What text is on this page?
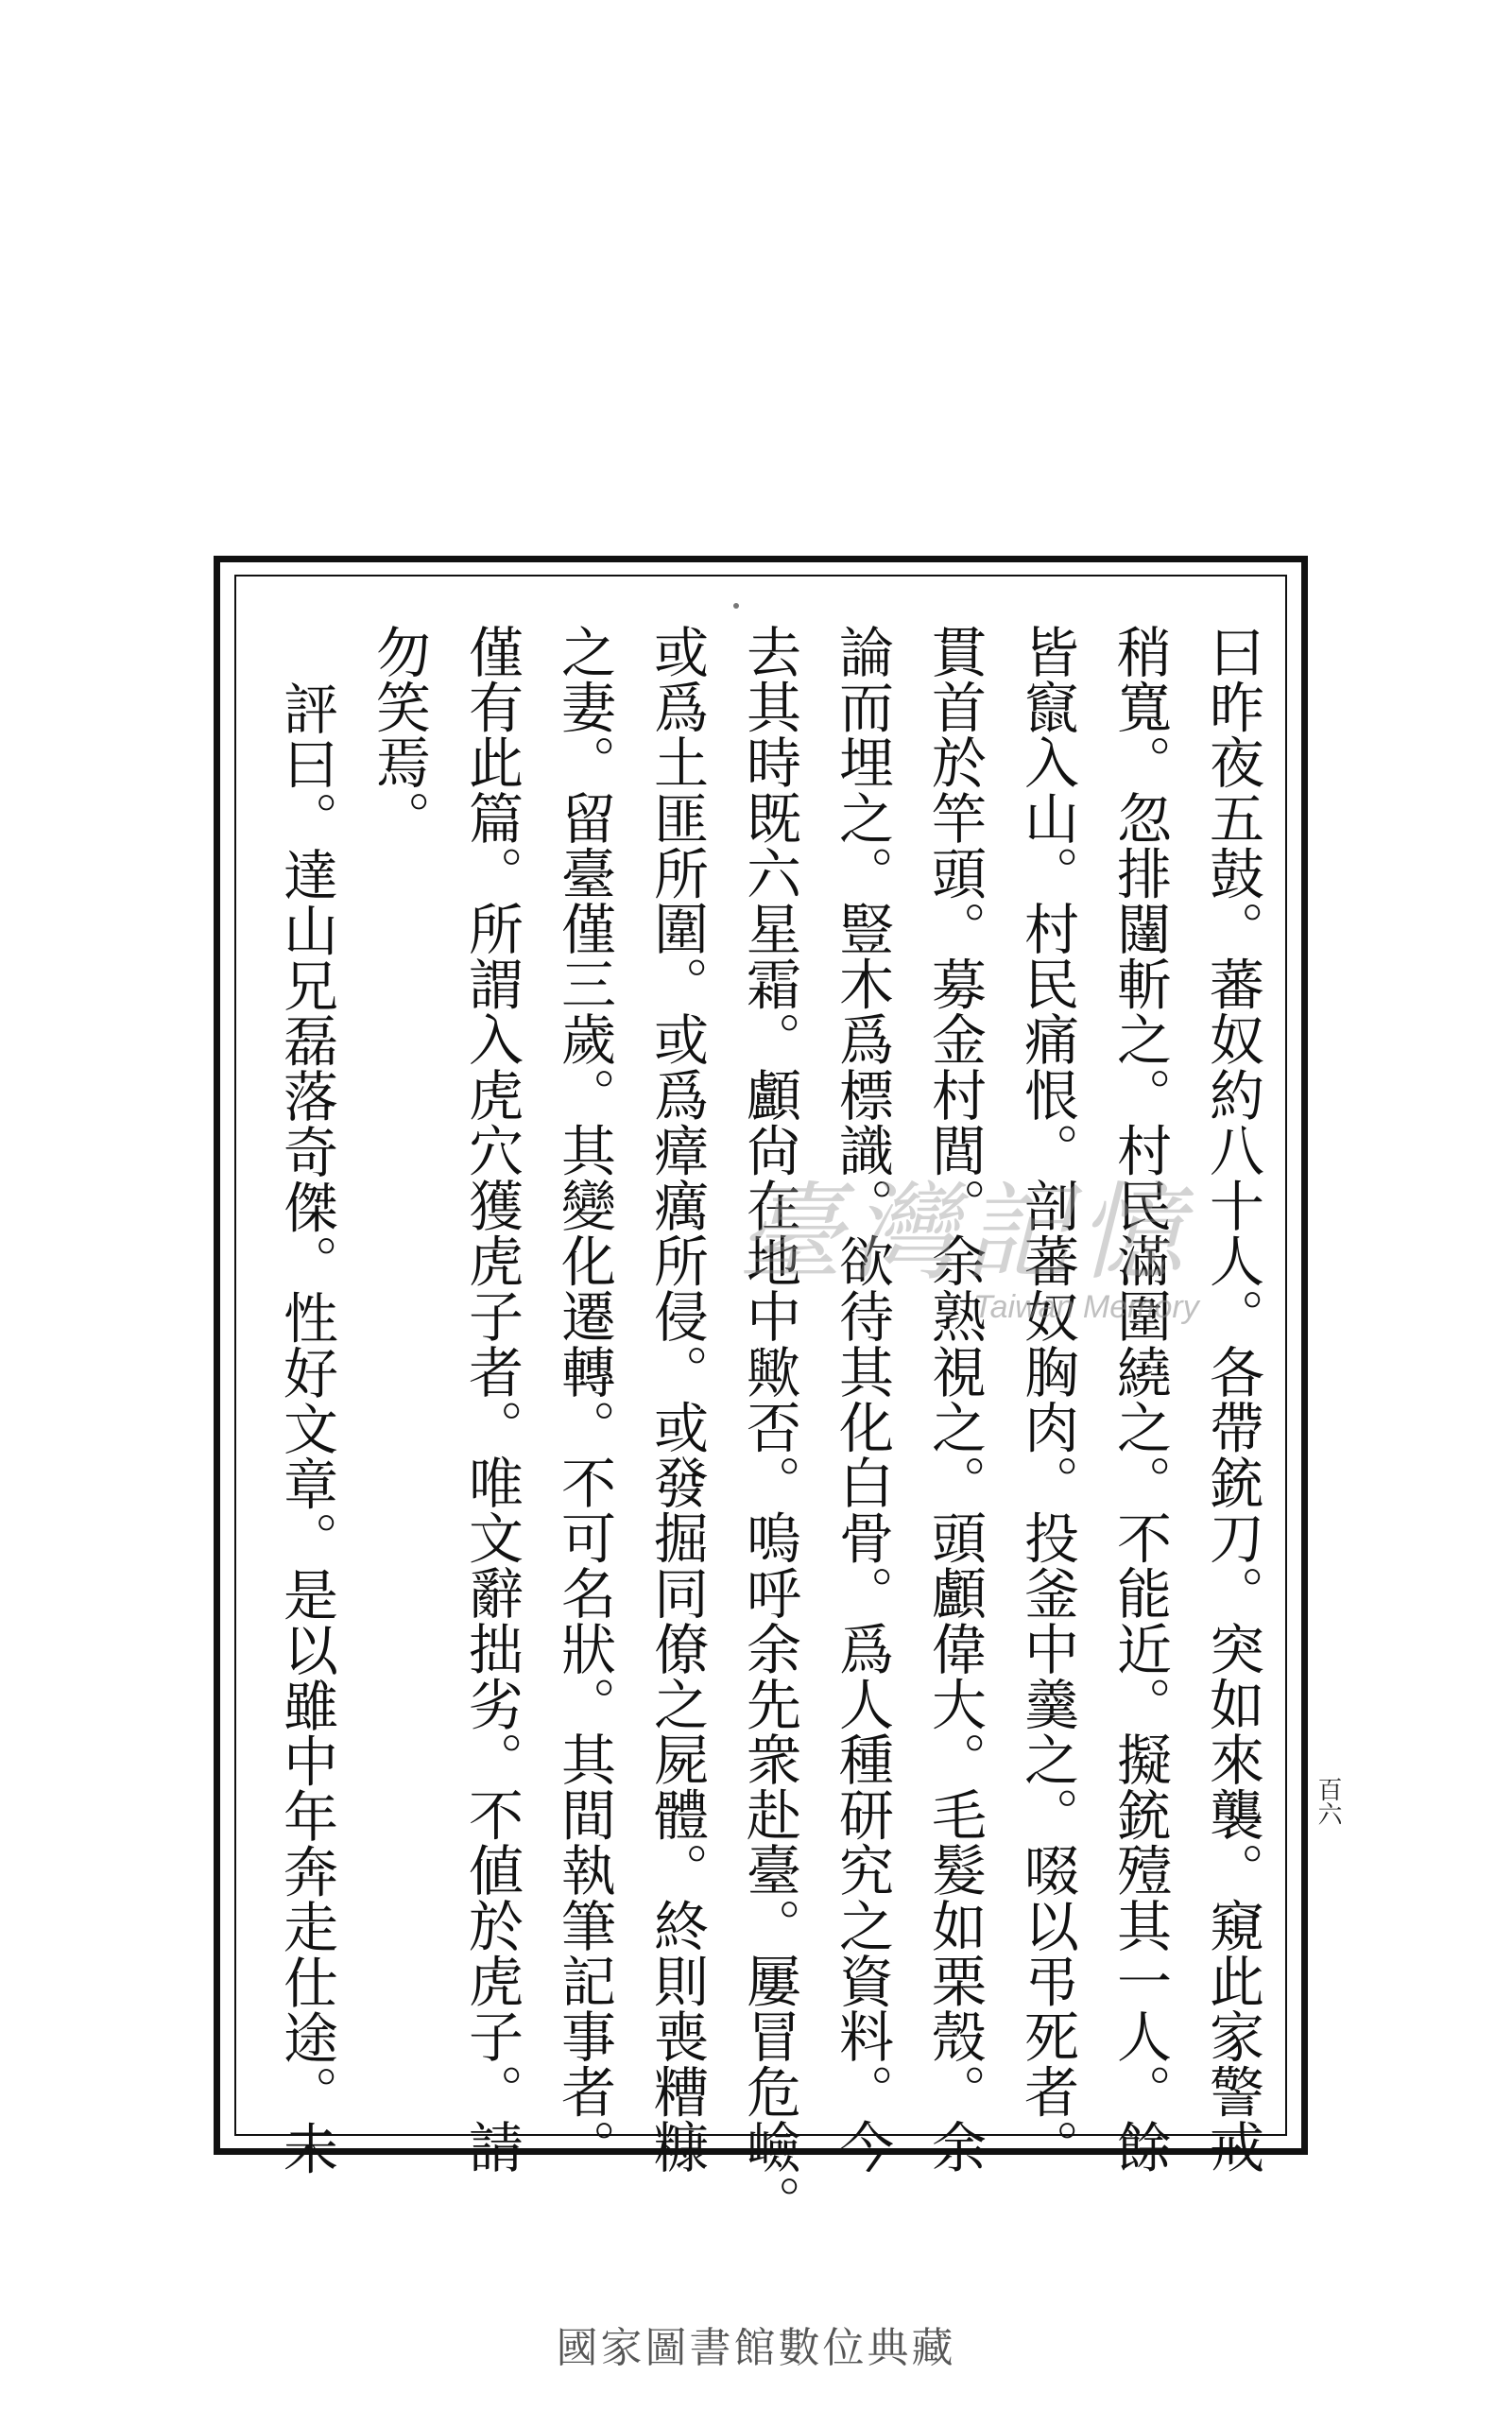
曰昨夜五鼓。蕃奴約八十人。各帶銃刀。突如來襲。窺此家警戒
稍寬。忽排闥斬之。村民滿圍繞之。不能近。擬銃殪其一人。餘
皆竄入山。村民痛恨。剖蕃奴胸肉。投釜中羹之。啜以弔死者。
貫首於竿頭。募金村閭。余熟視之。頭顱偉大。毛髮如栗殼。余
論而埋之。豎木爲標識。欲待其化白骨。爲人種研究之資料。今
去其時既六星霜。顱尙在地中歟否。嗚呼余先衆赴臺。屢冒危嶮。
或爲土匪所圍。或爲瘴癘所侵。或發掘同僚之屍體。終則喪糟糠
之妻。留臺僅三歲。其變化遷轉。不可名狀。其間執筆記事者。
僅有此篇。所謂入虎穴獲虎子者。唯文辭拙劣。不値於虎子。請
勿笑焉。
評曰。達山兄磊落奇傑。性好文章。是以雖中年奔走仕途。未	百六
臺灣記憶
Taiwan Memory
國家圖書館數位典藏
